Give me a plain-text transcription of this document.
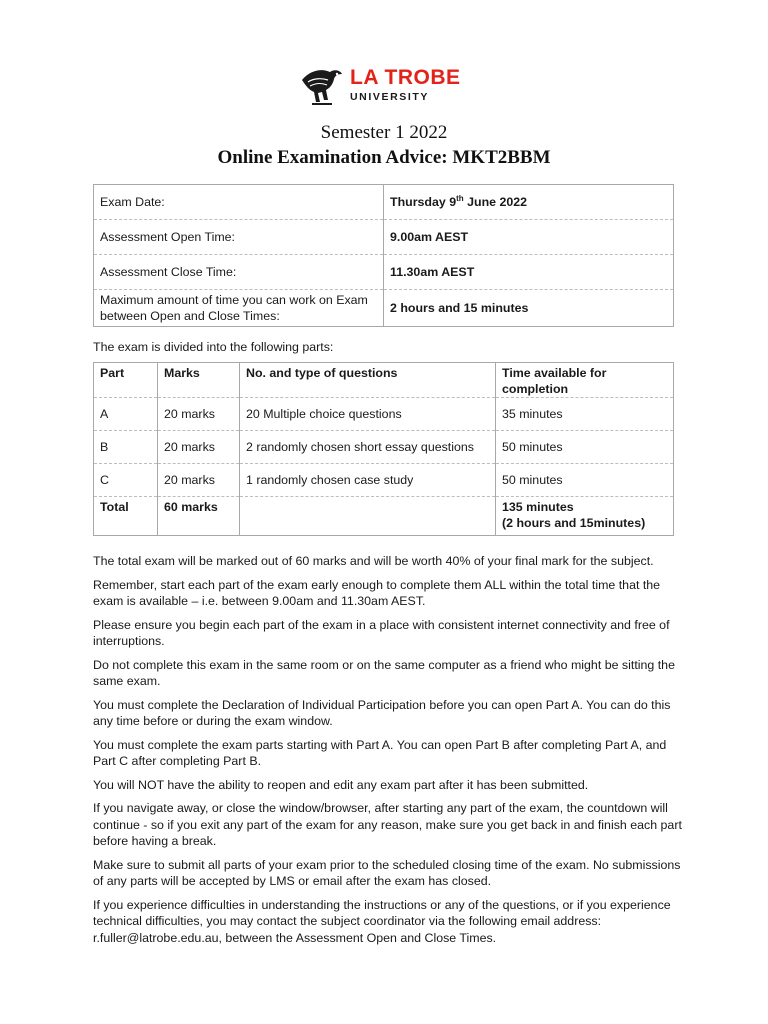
LA TROBE
UNIVERSITY
Semester 1 2022
Online Examination Advice: MKT2BBM
Exam Date:	Thursday 9th June 2022
Assessment Open Time:	9.00am AEST
Assessment Close Time:	11.30am AEST
Maximum amount of time you can work on Exam between Open and Close Times:	2 hours and 15 minutes
The exam is divided into the following parts:
Part	Marks	No. and type of questions	Time available for completion
A	20 marks	20 Multiple choice questions	35 minutes
B	20 marks	2 randomly chosen short essay questions	50 minutes
C	20 marks	1 randomly chosen case study	50 minutes
Total	60 marks		135 minutes
(2 hours and 15minutes)

The total exam will be marked out of 60 marks and will be worth 40% of your final mark for the subject.

Remember, start each part of the exam early enough to complete them ALL within the total time that the exam is available – i.e. between 9.00am and 11.30am AEST.

Please ensure you begin each part of the exam in a place with consistent internet connectivity and free of interruptions.

Do not complete this exam in the same room or on the same computer as a friend who might be sitting the same exam.

You must complete the Declaration of Individual Participation before you can open Part A. You can do this any time before or during the exam window.

You must complete the exam parts starting with Part A. You can open Part B after completing Part A, and Part C after completing Part B.

You will NOT have the ability to reopen and edit any exam part after it has been submitted.

If you navigate away, or close the window/browser, after starting any part of the exam, the countdown will continue - so if you exit any part of the exam for any reason, make sure you get back in and finish each part before having a break.

Make sure to submit all parts of your exam prior to the scheduled closing time of the exam. No submissions of any parts will be accepted by LMS or email after the exam has closed.

If you experience difficulties in understanding the instructions or any of the questions, or if you experience technical difficulties, you may contact the subject coordinator via the following email address: r.fuller@latrobe.edu.au, between the Assessment Open and Close Times.
